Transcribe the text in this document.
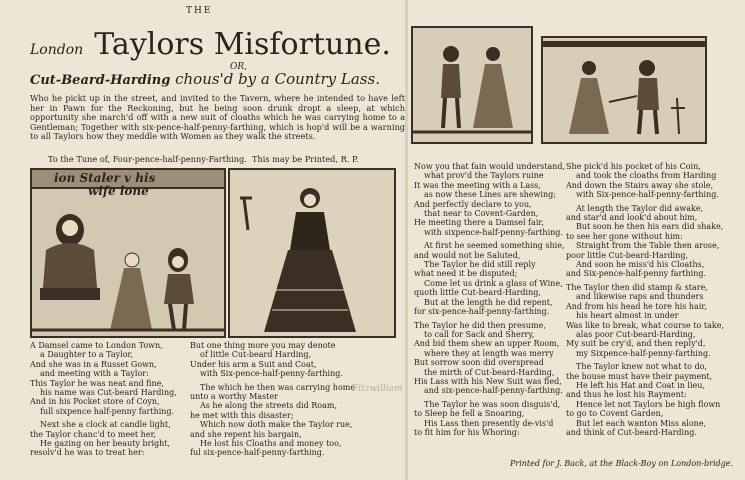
THE
London Taylors Misfortune.
OR,
Cut-Beard-Harding chous'd by a Country Lass.
Who he pickt up in the street, and invited to the Tavern, where he intended to have left her in Pawn for the Reckoning, but he being soon drunk dropt a sleep, at which opportunity she march'd off with a new suit of cloaths which he was carrying home to a Gentleman; Together with six-pence-half-penny-farthing, which is hop'd will be a warning to all Taylors how they meddle with Women as they walk the streets.
To the Tune of, Four-pence-half-penny-Farthing. This may be Printed, R. P.
ion Staler v his
wife lone
A Damsel came to London Town,
a Daughter to a Taylor,
And she was in a Russet Gown,
and meeting with a Taylor:
This Taylor he was neat and fine,
his name was Cut-beard Harding,
And in his Pocket store of Coyn,
full sixpence half-penny farthing.

Next she a clock at candle light,
the Taylor chanc'd to meet her,
He gazing on her beauty bright,
resolv'd he was to treat her:
But one thing more you may denote
of little Cut-beard Harding,
Under his arm a Suit and Coat,
with Six-pence-half-penny-farthing.

The which he then was carrying home
unto a worthy Master
As he along the streets did Roam,
he met with this disaster;
Which now doth make the Taylor rue,
and she repent his bargain,
He lost his Cloaths and money too,
ful six-pence-half-penny-farthing.
Now you that fain would understand,
what prov'd the Taylors ruine
It was the meeting with a Lass,
as now these Lines are shewing;
And perfectly declare to you,
that near to Covent-Garden,
He meeting there a Damsel fair,
with sixpence-half-penny-farthing.

At first he seemed something shie,
and would not be Saluted,
The Taylor he did still reply
what need it be disputed;
Come let us drink a glass of Wine,
quoth little Cut-beard-Harding,
But at the length he did repent,
for six-pence-half-penny-farthing.

The Taylor he did then presume,
to call for Sack and Sherry,
And bid them shew an upper Room,
where they at length was merry
But sorrow soon did overspread
the mirth of Cut-beard-Harding,
His Lass with his New Suit was fled,
and six-pence-half-penny-farthing.

The Taylor he was soon disguis'd,
to Sleep he fell a Snoaring,
His Lass then presently de-vis'd
to fit him for his Whoring:
She pick'd his pocket of his Coin,
and took the cloaths from Harding
And down the Stairs away she stole,
with Six-pence-half-penny-farthing.

At length the Taylor did awake,
and star'd and look'd about him,
But soon he then his ears did shake,
to see her gone without him:
Straight from the Table then arose,
poor little Cut-beard-Harding,
And soon he miss'd his Cloaths,
and Six-pence-half-penny farthing.

The Taylor then did stamp & stare,
and likewise raps and thunders
And from his head he tore his hair,
his heart almost in under
Was like to break, what course to take,
alas poor Cut-beard-Harding,
My suit be cry'd, and then reply'd,
my Sixpence-half-penny-farthing.

The Taylor knew not what to do,
the house must have their payment,
He left his Hat and Coat in lieu,
and thus he lost his Rayment:
Hence let not Taylors be high flown
to go to Covent Garden,
But let each wanton Miss alone,
and think of Cut-beard-Harding.
Fitzwilliam
Printed for J. Back, at the Black-Boy on London-bridge.
